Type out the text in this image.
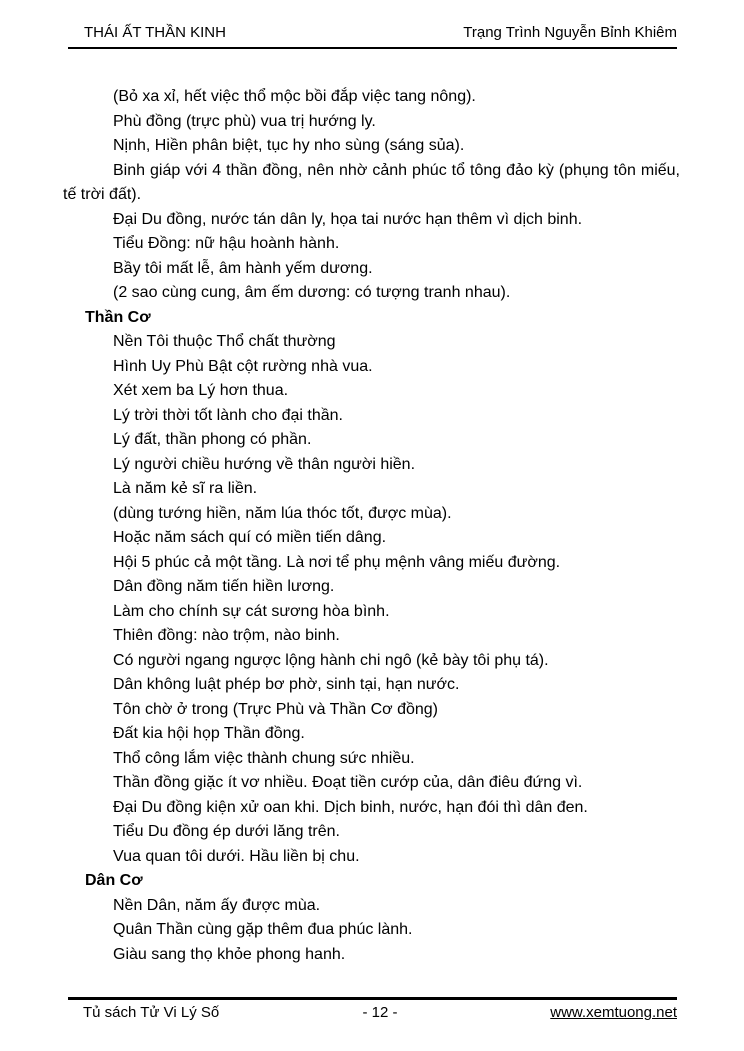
THÁI ẤT THẦN KINH	Trạng Trình Nguyễn Bỉnh Khiêm
(Bỏ xa xỉ, hết việc thổ mộc bồi đắp việc tang nông).
Phù đồng (trực phù) vua trị hướng ly.
Nịnh, Hiền phân biệt, tục hy nho sùng (sáng sủa).
Binh giáp với 4 thần đồng, nên nhờ cảnh phúc tổ tông đảo kỳ (phụng tôn miếu,
tế trời đất).
Đại Du đồng, nước tán dân ly, họa tai nước hạn thêm vì dịch binh.
Tiểu Đồng: nữ hậu hoành hành.
Bầy tôi mất lễ, âm hành yếm dương.
(2 sao cùng cung, âm ếm dương: có tượng tranh nhau).
Thần Cơ
Nền Tôi thuộc Thổ chất thường
Hình Uy Phù Bật cột rường nhà vua.
Xét xem ba Lý hơn thua.
Lý trời thời tốt lành cho đại thần.
Lý đất, thần phong có phần.
Lý người chiều hướng về thân người hiền.
Là năm kẻ sĩ ra liền.
(dùng tướng hiền, năm lúa thóc tốt, được mùa).
Hoặc năm sách quí có miền tiến dâng.
Hội 5 phúc cả một tầng. Là nơi tể phụ mệnh vâng miếu đường.
Dân đồng năm tiến hiền lương.
Làm cho chính sự cát sương hòa bình.
Thiên đồng: nào trộm, nào binh.
Có người ngang ngược lộng hành chi ngô (kẻ bày tôi phụ tá).
Dân không luật phép bơ phờ, sinh tại, hạn nước.
Tôn chờ ở trong (Trực Phù và Thần Cơ đồng)
Đất kia hội họp Thần đồng.
Thổ công lắm việc thành chung sức nhiều.
Thần đồng giặc ít vơ nhiều. Đoạt tiền cướp của, dân điêu đứng vì.
Đại Du đồng kiện xử oan khi. Dịch binh, nước, hạn đói thì dân đen.
Tiểu Du đồng ép dưới lăng trên.
Vua quan tôi dưới. Hầu liền bị chu.
Dân Cơ
Nền Dân, năm ấy được mùa.
Quân Thần cùng gặp thêm đua phúc lành.
Giàu sang thọ khỏe phong hanh.
Tủ sách Tử Vi Lý Số	- 12 -	www.xemtuong.net
